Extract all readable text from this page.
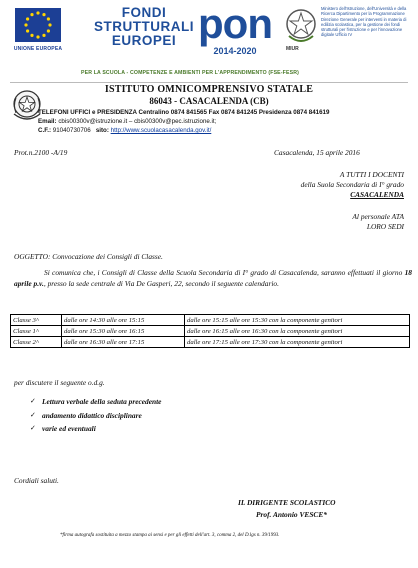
UNIONE EUROPEA
FONDI
STRUTTURALI
EUROPEI pon
2014-2020	MIUR
Ministero dell'Istruzione, dell'Università e della Ricerca Dipartimento per la Programmazione Direzione Generale per interventi in materia di edilizia scolastica, per la gestione dei fondi strutturali per l'istruzione e per l'innovazione digitale Ufficio IV
PER LA SCUOLA - COMPETENZE E AMBIENTI PER L'APPRENDIMENTO (FSE-FESR)
ISTITUTO OMNICOMPRENSIVO STATALE
86043 - CASACALENDA (CB)
TELEFONI UFFICI e PRESIDENZA Centralino 0874 841565 Fax 0874 841245 Presidenza 0874 841619
Email: cbis00300v@istruzione.it – cbis00300v@pec.istruzione.it;
C.F.: 91040730706 sito: http://www.scuolacasacalenda.gov.it/
Prot.n.2100 -A/19	Casacalenda, 15 aprile 2016
A TUTTI I DOCENTI
della Suola Secondaria di I° grado
CASACALENDA
Al personale ATA
LORO SEDI
OGGETTO: Convocazione dei Consigli di Classe.
Si comunica che, i Consigli di Classe della Scuola Secondaria di I° grado di Casacalenda, saranno effettuati il giorno 18 aprile p.v., presso la sede centrale di Via De Gasperi, 22, secondo il seguente calendario.
Classe 3^	dalle ore 14:30 alle ore 15:15	dalle ore 15:15 alle ore 15:30 con la componente genitori
Classe 1^	dalle ore 15:30 alle ore 16:15	dalle ore 16:15 alle ore 16:30 con la componente genitori
Classe 2^	dalle ore 16:30 alle ore 17:15	dalle ore 17:15 alle ore 17:30 con la componente genitori
per discutere il seguente o.d.g.
✓ Lettura verbale della seduta precedente
✓ andamento didattico disciplinare
✓ varie ed eventuali
Cordiali saluti.
IL DIRIGENTE SCOLASTICO
Prof. Antonio VESCE*
*firma autografa sostituita a mezzo stampa ai sensi e per gli effetti dell'art. 3, comma 2, del D.lgs n. 39/1993.
